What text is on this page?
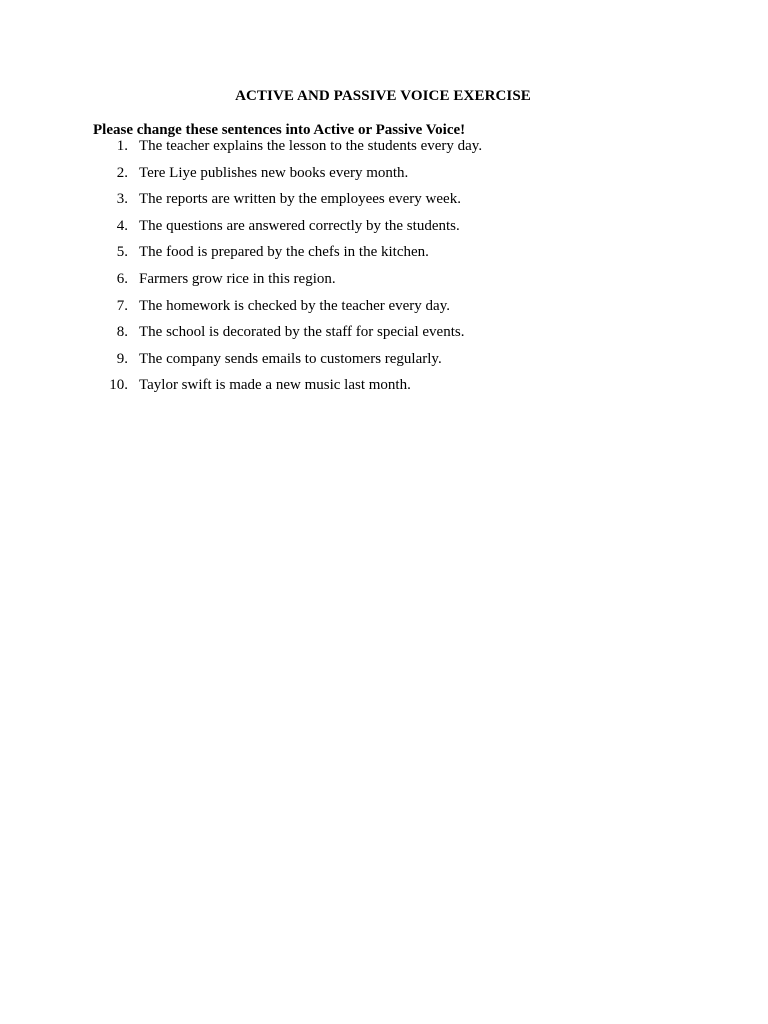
ACTIVE AND PASSIVE VOICE EXERCISE
Please change these sentences into Active or Passive Voice!
1. The teacher explains the lesson to the students every day.
2. Tere Liye publishes new books every month.
3. The reports are written by the employees every week.
4. The questions are answered correctly by the students.
5. The food is prepared by the chefs in the kitchen.
6. Farmers grow rice in this region.
7. The homework is checked by the teacher every day.
8. The school is decorated by the staff for special events.
9. The company sends emails to customers regularly.
10. Taylor swift is made a new music last month.
